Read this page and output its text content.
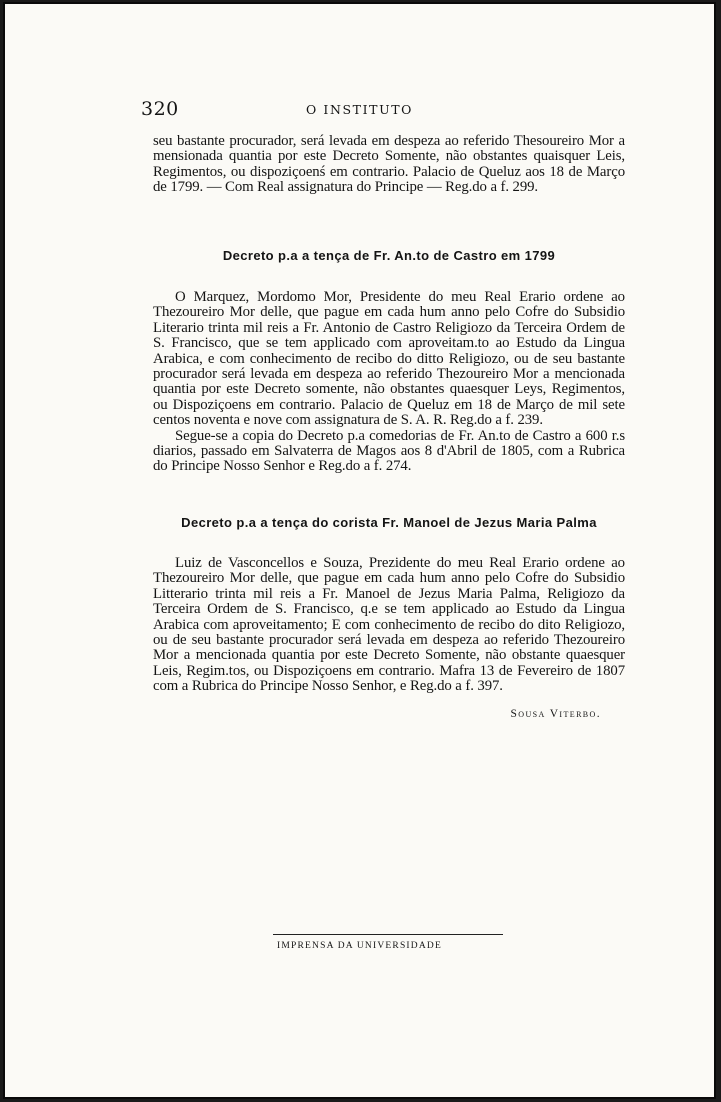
320	O INSTITUTO

seu bastante procurador, será levada em despeza ao referido Thesoureiro Mor a mensionada quantia por este Decreto Somente, não obstantes quaisquer Leis, Regimentos, ou dispoziçoenś em contrario. Palacio de Queluz aos 18 de Março de 1799. — Com Real assignatura do Principe — Reg.do a f. 299.

Decreto p.a a tença de Fr. An.to de Castro em 1799

O Marquez, Mordomo Mor, Presidente do meu Real Erario ordene ao Thezoureiro Mor delle, que pague em cada hum anno pelo Cofre do Subsidio Literario trinta mil reis a Fr. Antonio de Castro Religiozo da Terceira Ordem de S. Francisco, que se tem applicado com aproveitam.to ao Estudo da Lingua Arabica, e com conhecimento de recibo do ditto Religiozo, ou de seu bastante procurador será levada em despeza ao referido Thezoureiro Mor a mencionada quantia por este Decreto somente, não obstantes quaesquer Leys, Regimentos, ou Dispoziçoens em contrario. Palacio de Queluz em 18 de Março de mil sete centos noventa e nove com assignatura de S. A. R. Reg.do a f. 239.

Segue-se a copia do Decreto p.a comedorias de Fr. An.to de Castro a 600 r.s diarios, passado em Salvaterra de Magos aos 8 d'Abril de 1805, com a Rubrica do Principe Nosso Senhor e Reg.do a f. 274.

Decreto p.a a tença do corista Fr. Manoel de Jezus Maria Palma

Luiz de Vasconcellos e Souza, Prezidente do meu Real Erario ordene ao Thezoureiro Mor delle, que pague em cada hum anno pelo Cofre do Subsidio Litterario trinta mil reis a Fr. Manoel de Jezus Maria Palma, Religiozo da Terceira Ordem de S. Francisco, q.e se tem applicado ao Estudo da Lingua Arabica com aproveitamento; E com conhecimento de recibo do dito Religiozo, ou de seu bastante procurador será levada em despeza ao referido Thezoureiro Mor a mencionada quantia por este Decreto Somente, não obstante quaesquer Leis, Regim.tos, ou Dispoziçoens em contrario. Mafra 13 de Fevereiro de 1807 com a Rubrica do Principe Nosso Senhor, e Reg.do a f. 397.

Sousa Viterbo.
IMPRENSA DA UNIVERSIDADE
